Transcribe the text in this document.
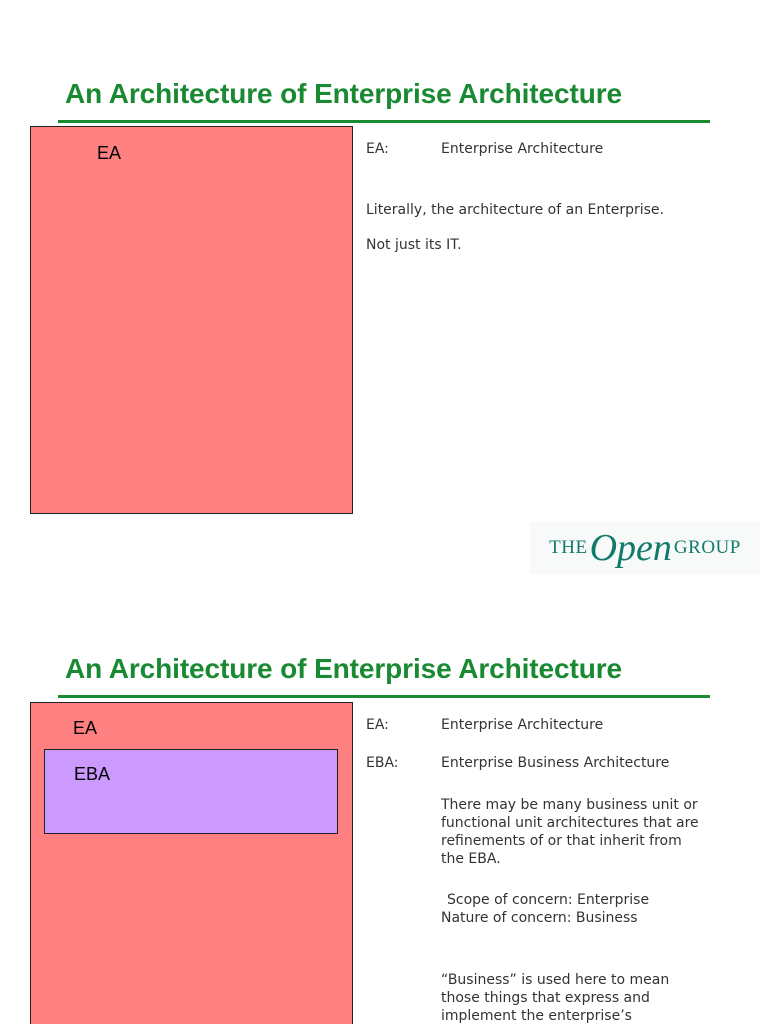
An Architecture of Enterprise Architecture
EA	EA:	Enterprise Architecture

Literally, the architecture of an Enterprise.

Not just its IT.

THE Open GROUP
An Architecture of Enterprise Architecture
EA
EBA

EA:	Enterprise Architecture

EBA:	Enterprise Business Architecture

There may be many business unit or functional unit architectures that are refinements of or that inherit from the EBA.

Scope of concern: Enterprise

Nature of concern: Business

“Business” is used here to mean those things that express and implement the enterprise’s
